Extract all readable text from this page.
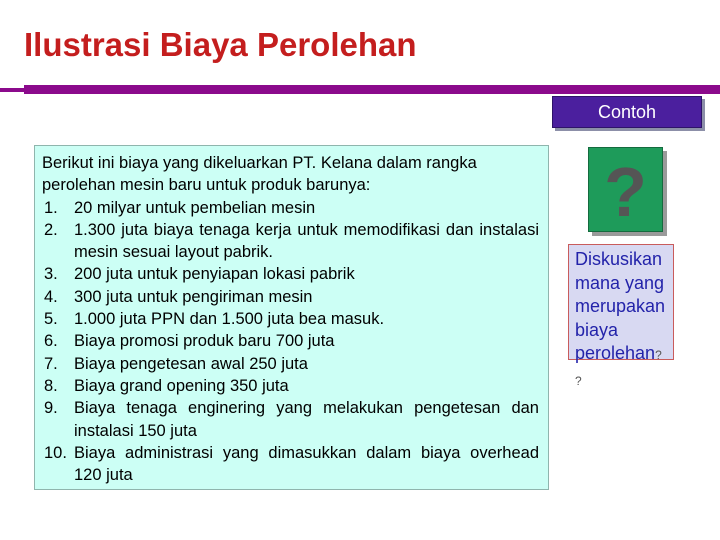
Ilustrasi Biaya Perolehan
Contoh

Berikut ini biaya yang dikeluarkan PT. Kelana dalam rangka perolehan mesin baru untuk produk barunya:

1. 20 milyar untuk pembelian mesin
2. 1.300 juta biaya tenaga kerja untuk memodifikasi dan instalasi mesin sesuai layout pabrik.
3. 200 juta untuk penyiapan lokasi pabrik
4. 300 juta untuk pengiriman mesin
5. 1.000 juta PPN dan 1.500 juta bea masuk.
6. Biaya promosi produk baru 700 juta
7. Biaya pengetesan awal 250 juta
8. Biaya grand opening 350 juta
9. Biaya tenaga enginering yang melakukan pengetesan dan instalasi 150 juta
10. Biaya administrasi yang dimasukkan dalam biaya overhead 120 juta
?
Diskusikan mana yang merupakan biaya perolehan?
?
